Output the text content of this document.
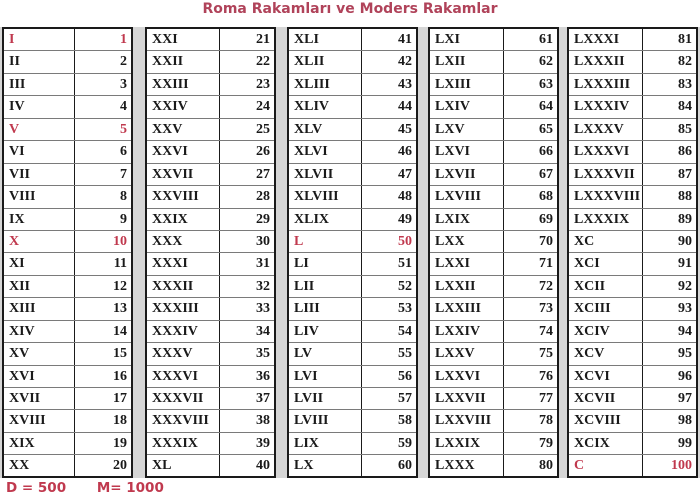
Roma Rakamları ve Moders Rakamlar
I	1
II	2
III	3
IV	4
V	5
VI	6
VII	7
VIII	8
IX	9
X	10
XI	11
XII	12
XIII	13
XIV	14
XV	15
XVI	16
XVII	17
XVIII	18
XIX	19
XX	20
XXI	21
XXII	22
XXIII	23
XXIV	24
XXV	25
XXVI	26
XXVII	27
XXVIII	28
XXIX	29
XXX	30
XXXI	31
XXXII	32
XXXIII	33
XXXIV	34
XXXV	35
XXXVI	36
XXXVII	37
XXXVIII	38
XXXIX	39
XL	40
XLI	41
XLII	42
XLIII	43
XLIV	44
XLV	45
XLVI	46
XLVII	47
XLVIII	48
XLIX	49
L	50
LI	51
LII	52
LIII	53
LIV	54
LV	55
LVI	56
LVII	57
LVIII	58
LIX	59
LX	60
LXI	61
LXII	62
LXIII	63
LXIV	64
LXV	65
LXVI	66
LXVII	67
LXVIII	68
LXIX	69
LXX	70
LXXI	71
LXXII	72
LXXIII	73
LXXIV	74
LXXV	75
LXXVI	76
LXXVII	77
LXXVIII	78
LXXIX	79
LXXX	80
LXXXI	81
LXXXII	82
LXXXIII	83
LXXXIV	84
LXXXV	85
LXXXVI	86
LXXXVII	87
LXXXVIII	88
LXXXIX	89
XC	90
XCI	91
XCII	92
XCIII	93
XCIV	94
XCV	95
XCVI	96
XCVII	97
XCVIII	98
XCIX	99
C	100
D = 500 M= 1000
